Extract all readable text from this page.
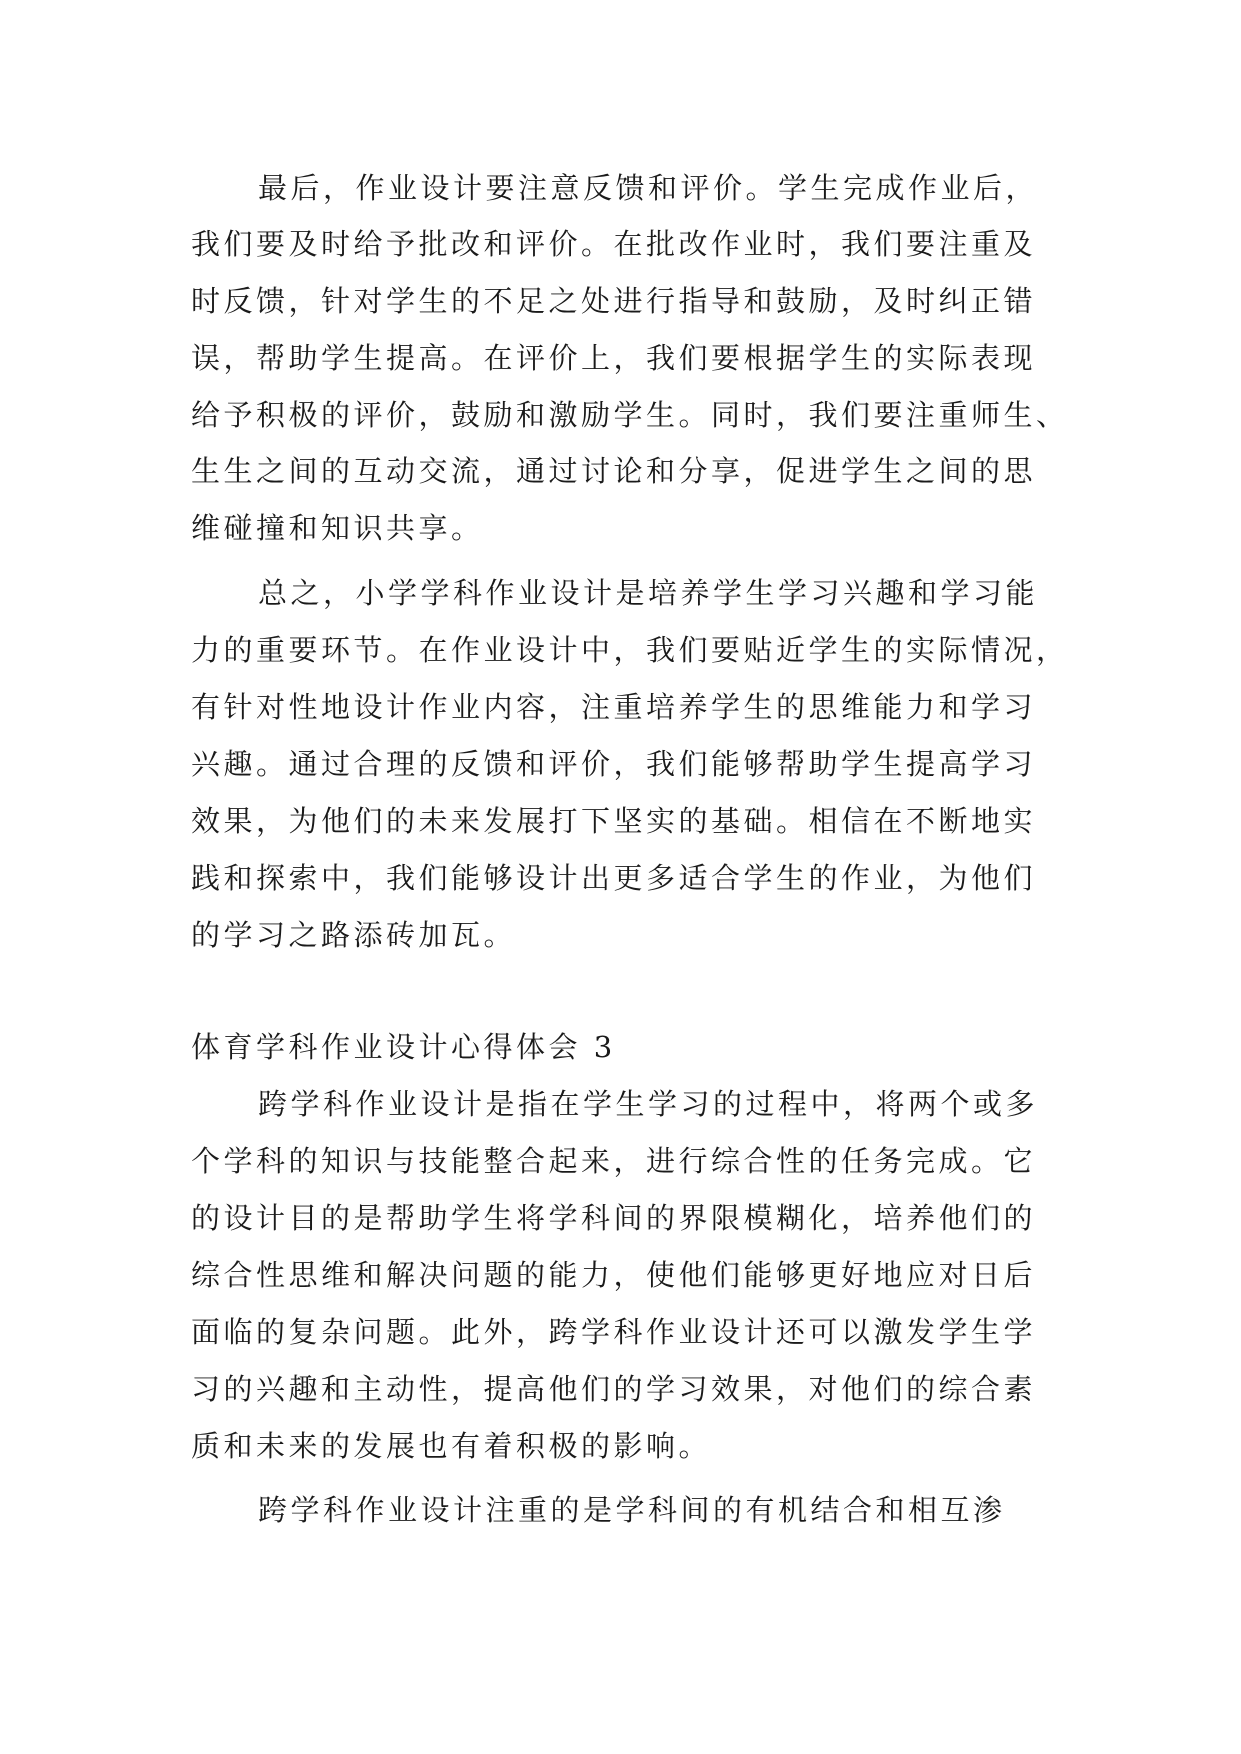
最后，作业设计要注意反馈和评价。学生完成作业后，
我们要及时给予批改和评价。在批改作业时，我们要注重及
时反馈，针对学生的不足之处进行指导和鼓励，及时纠正错
误，帮助学生提高。在评价上，我们要根据学生的实际表现
给予积极的评价，鼓励和激励学生。同时，我们要注重师生、
生生之间的互动交流，通过讨论和分享，促进学生之间的思
维碰撞和知识共享。
总之，小学学科作业设计是培养学生学习兴趣和学习能
力的重要环节。在作业设计中，我们要贴近学生的实际情况，
有针对性地设计作业内容，注重培养学生的思维能力和学习
兴趣。通过合理的反馈和评价，我们能够帮助学生提高学习
效果，为他们的未来发展打下坚实的基础。相信在不断地实
践和探索中，我们能够设计出更多适合学生的作业，为他们
的学习之路添砖加瓦。
体育学科作业设计心得体会 3
跨学科作业设计是指在学生学习的过程中，将两个或多
个学科的知识与技能整合起来，进行综合性的任务完成。它
的设计目的是帮助学生将学科间的界限模糊化，培养他们的
综合性思维和解决问题的能力，使他们能够更好地应对日后
面临的复杂问题。此外，跨学科作业设计还可以激发学生学
习的兴趣和主动性，提高他们的学习效果，对他们的综合素
质和未来的发展也有着积极的影响。
跨学科作业设计注重的是学科间的有机结合和相互渗
